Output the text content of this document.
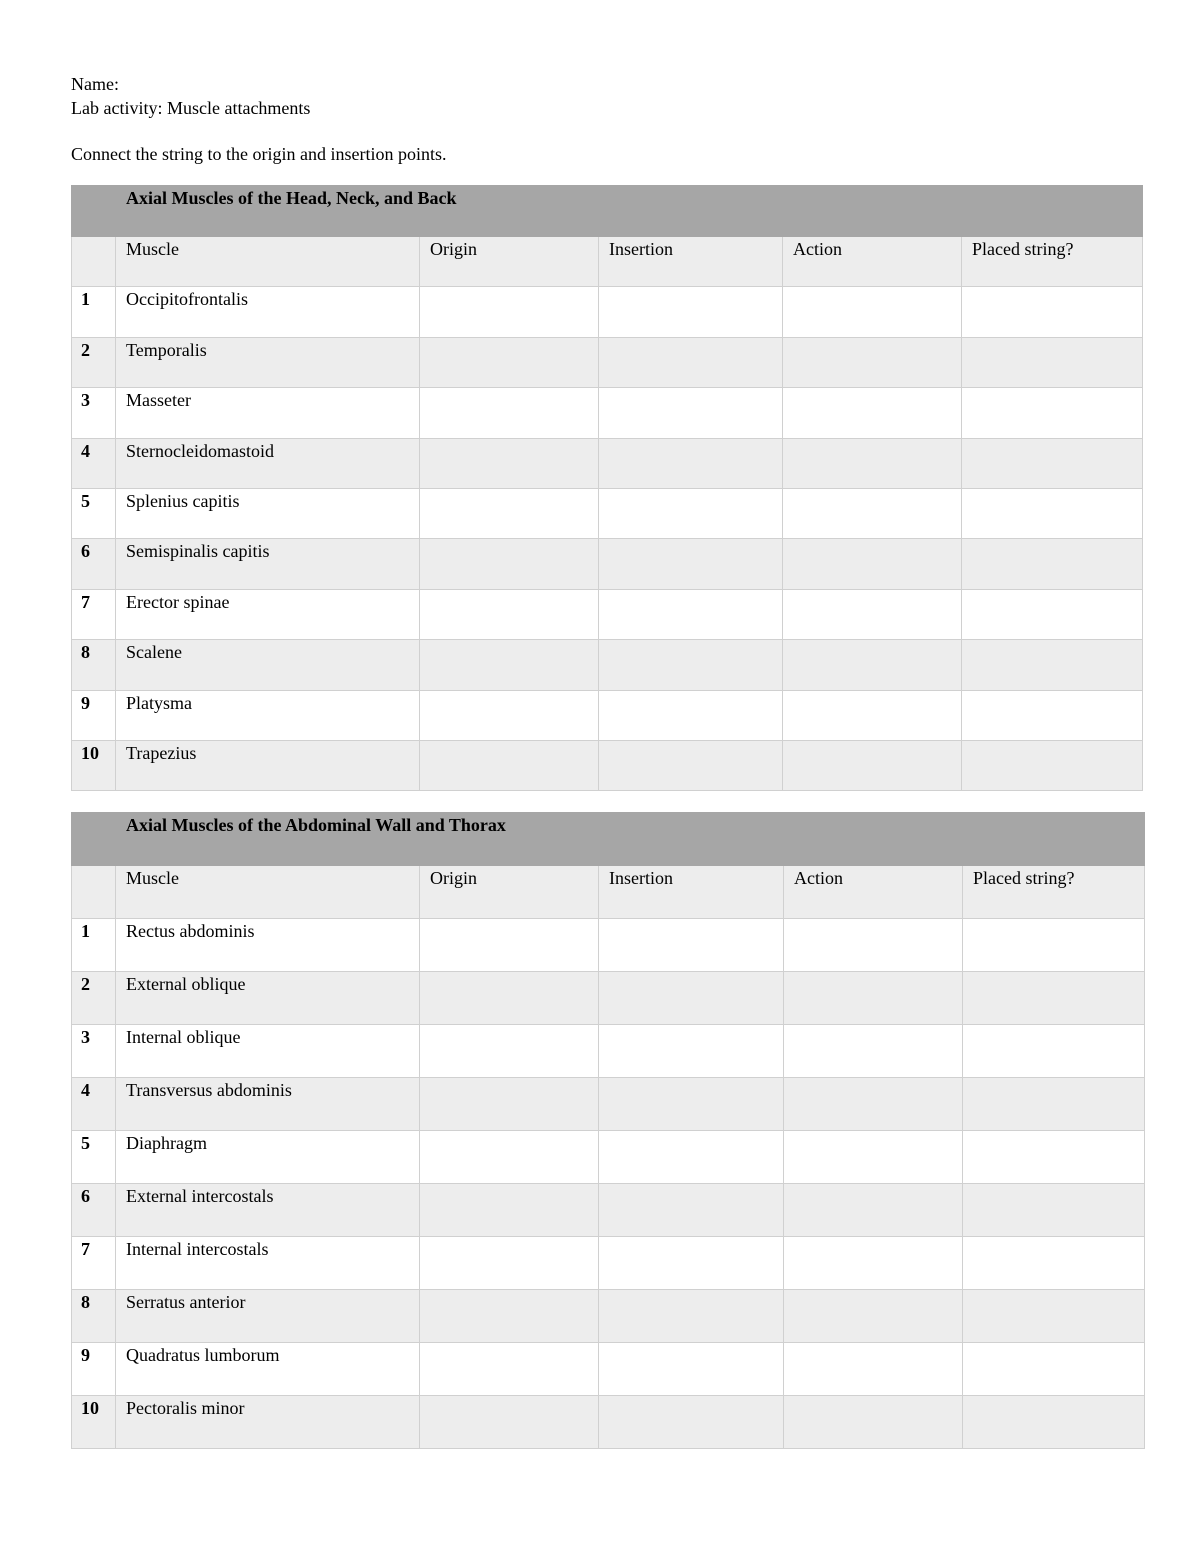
Name:
Lab activity: Muscle attachments
Connect the string to the origin and insertion points.
	Axial Muscles of the Head, Neck, and Back				
	Muscle	Origin	Insertion	Action	Placed string?
1	Occipitofrontalis				
2	Temporalis				
3	Masseter				
4	Sternocleidomastoid				
5	Splenius capitis				
6	Semispinalis capitis				
7	Erector spinae				
8	Scalene				
9	Platysma				
10	Trapezius				
	Axial Muscles of the Abdominal Wall and Thorax				
	Muscle	Origin	Insertion	Action	Placed string?
1	Rectus abdominis				
2	External oblique				
3	Internal oblique				
4	Transversus abdominis				
5	Diaphragm				
6	External intercostals				
7	Internal intercostals				
8	Serratus anterior				
9	Quadratus lumborum				
10	Pectoralis minor				
